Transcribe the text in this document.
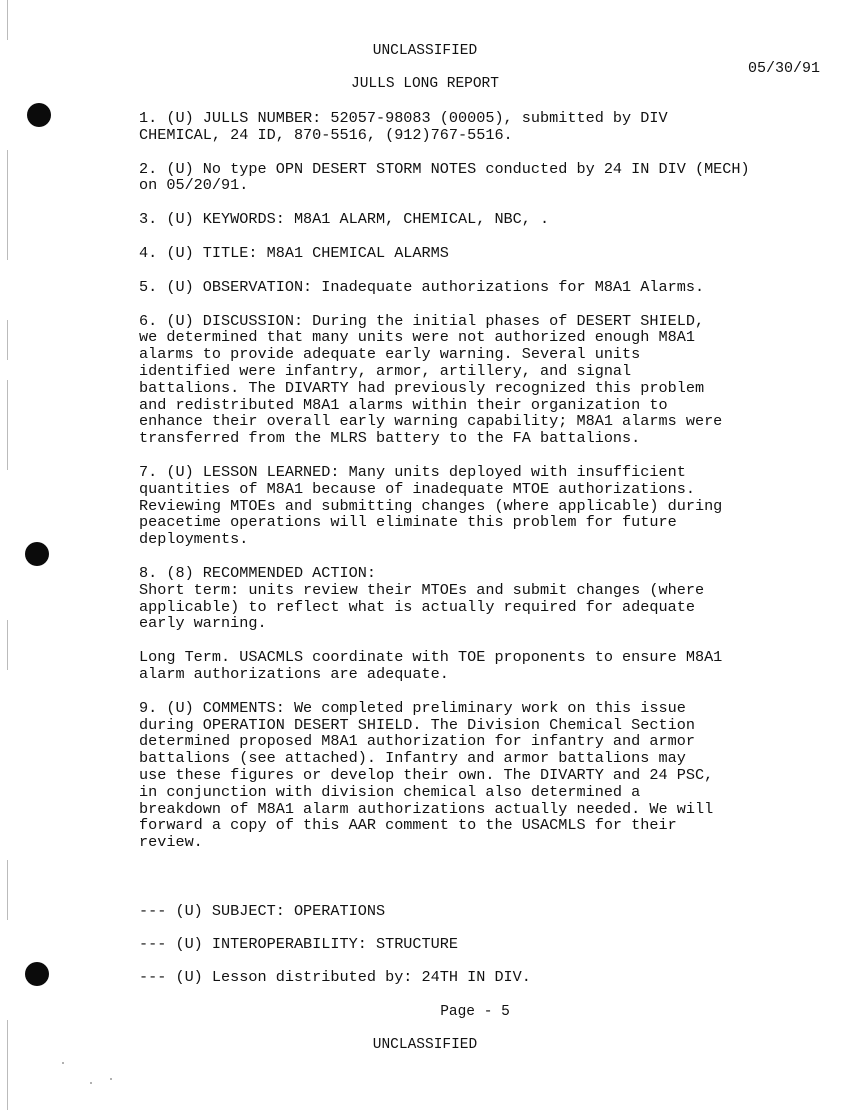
UNCLASSIFIED
05/30/91
JULLS LONG REPORT
1. (U) JULLS NUMBER: 52057-98083 (00005), submitted by DIV
CHEMICAL, 24 ID, 870-5516, (912)767-5516.
2. (U) No type OPN DESERT STORM NOTES conducted by 24 IN DIV (MECH)
on 05/20/91.
3. (U) KEYWORDS: M8A1 ALARM, CHEMICAL, NBC, .
4. (U) TITLE: M8A1 CHEMICAL ALARMS
5. (U) OBSERVATION: Inadequate authorizations for M8A1 Alarms.
6. (U) DISCUSSION: During the initial phases of DESERT SHIELD,
we determined that many units were not authorized enough M8A1
alarms to provide adequate early warning. Several units
identified were infantry, armor, artillery, and signal
battalions. The DIVARTY had previously recognized this problem
and redistributed M8A1 alarms within their organization to
enhance their overall early warning capability; M8A1 alarms were
transferred from the MLRS battery to the FA battalions.
7. (U) LESSON LEARNED: Many units deployed with insufficient
quantities of M8A1 because of inadequate MTOE authorizations.
Reviewing MTOEs and submitting changes (where applicable) during
peacetime operations will eliminate this problem for future
deployments.
8. (8) RECOMMENDED ACTION:
Short term: units review their MTOEs and submit changes (where
applicable) to reflect what is actually required for adequate
early warning.
Long Term. USACMLS coordinate with TOE proponents to ensure M8A1
alarm authorizations are adequate.
9. (U) COMMENTS: We completed preliminary work on this issue
during OPERATION DESERT SHIELD. The Division Chemical Section
determined proposed M8A1 authorization for infantry and armor
battalions (see attached). Infantry and armor battalions may
use these figures or develop their own. The DIVARTY and 24 PSC,
in conjunction with division chemical also determined a
breakdown of M8A1 alarm authorizations actually needed. We will
forward a copy of this AAR comment to the USACMLS for their
review.
--- (U) SUBJECT: OPERATIONS
--- (U) INTEROPERABILITY: STRUCTURE
--- (U) Lesson distributed by: 24TH IN DIV.
Page - 5
UNCLASSIFIED
